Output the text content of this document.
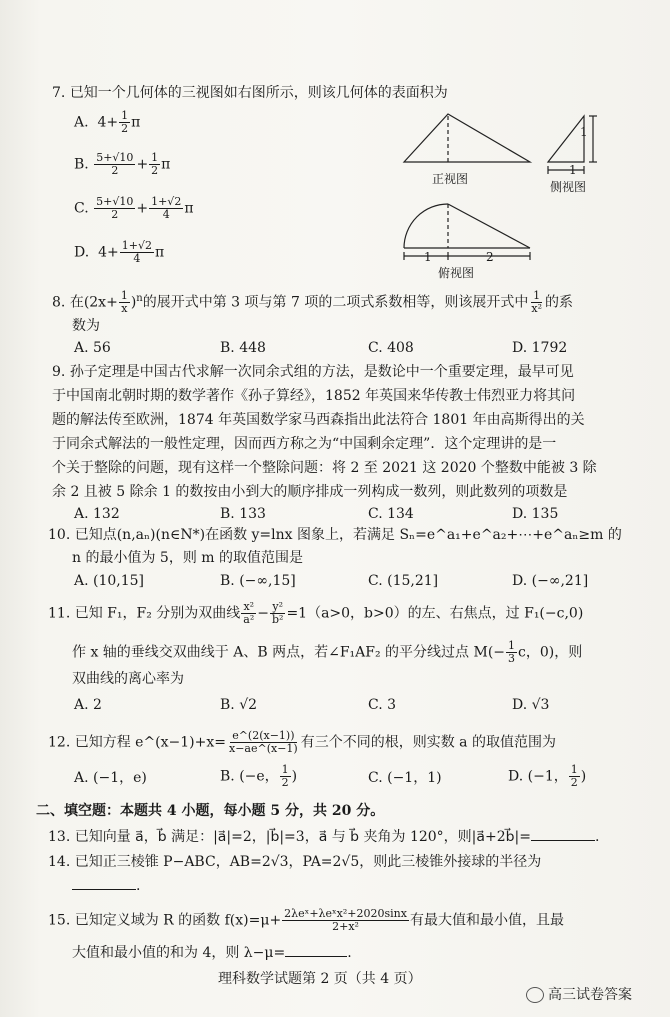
7. 已知一个几何体的三视图如右图所示，则该几何体的表面积为
A. $4+ \frac{1}{2}$ π
B. $\frac{5+√10}{2} + \frac{1}{2}$ π
C. $\frac{5+√10}{2} + \frac{1+√2}{4}$ π
D. $4+ \frac{1+√2}{4}$ π
1
1
正视图
侧视图
1	2
俯视图
8. 在$(2x+ \frac{1}{x} )^n$的展开式中第 3 项与第 7 项的二项式系数相等，则该展开式中 $\frac{1}{\text{x²}}$ 的系
数为
A. 56	B. 448	C. 408	D. 1792
9. 孙子定理是中国古代求解一次同余式组的方法，是数论中一个重要定理，最早可见
于中国南北朝时期的数学著作《孙子算经》，1852 年英国来华传教士伟烈亚力将其问
题的解法传至欧洲，1874 年英国数学家马西森指出此法符合 1801 年由高斯得出的关
于同余式解法的一般性定理，因而西方称之为“中国剩余定理”．这个定理讲的是一
个关于整除的问题，现有这样一个整除问题：将 2 至 2021 这 2020 个整数中能被 3 除
余 2 且被 5 除余 1 的数按由小到大的顺序排成一列构成一数列，则此数列的项数是
A. 132	B. 133	C. 134	D. 135
10. 已知点(n,aₙ)(n∈N*)在函数 y=lnx 图象上，若满足 Sₙ=e^a₁+e^a₂+⋯+e^aₙ≥m 的
n 的最小值为 5，则 m 的取值范围是
A. (10,15]	B. (−∞,15]	C. (15,21]	D. (−∞,21]
11. 已知 F₁，F₂ 分别为双曲线 $\frac{\text{x²}}{\text{a²}} - \frac{\text{y²}}{\text{b²}} =1(a>0$，b>0）的左、右焦点，过 F₁(−c,0)
作 x 轴的垂线交双曲线于 A、B 两点，若∠F₁AF₂ 的平分线过点 $M(- \frac{1}{3}$ c，0)，则
双曲线的离心率为
A. 2	B. √2	C. 3	D. √3
12. 已知方程 e^(x−1)+x= $\frac{e\^{}(2(x-1))}{x-ae\^{}(x-1)}$ 有三个不同的根，则实数 a 的取值范围为
A. (−1，e)	B. (−e， $\frac{1}{2}$ )	C. (−1，1)	D. (−1， $\frac{1}{2}$ )
二、填空题：本题共 4 小题，每小题 5 分，共 20 分。
13. 已知向量 a⃗，b⃗ 满足：|a⃗|=2，|b⃗|=3，a⃗ 与 b⃗ 夹角为 120°，则|a⃗+2b⃗|=	.
14. 已知正三棱锥 P−ABC，AB=2√3，PA=2√5，则此三棱锥外接球的半径为
.
15. 已知定义域为 R 的函数 $f(x)=\mu+ \frac{\text{2λeˣ+λeˣx²+2020sinx}}{\text{2+x²}}$ 有最大值和最小值，且最
大值和最小值的和为 4，则 λ−μ=	.
理科数学试题第 2 页（共 4 页）
高三试卷答案
